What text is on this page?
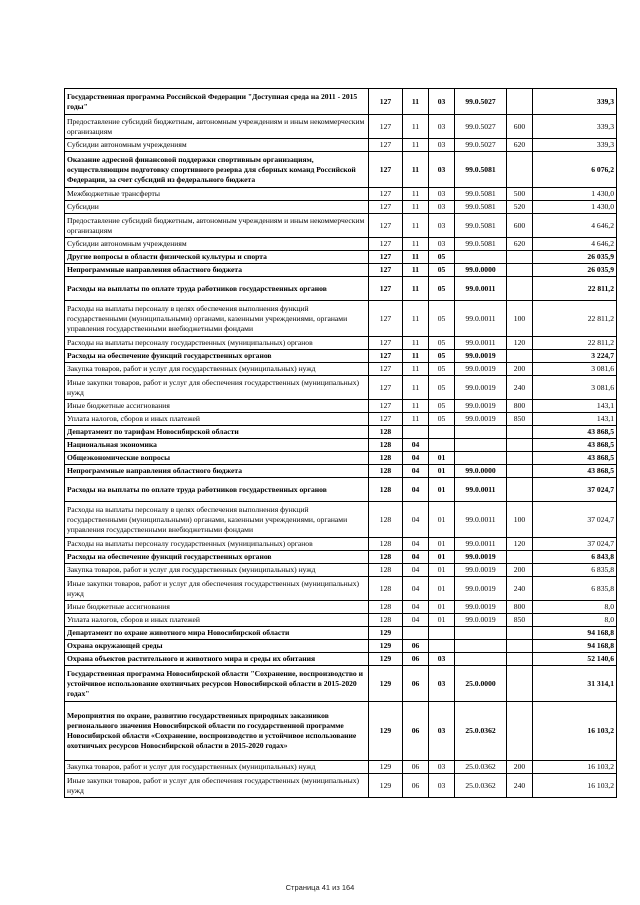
Государственная программа Российской Федерации "Доступная среда на 2011 - 2015 годы"	127	11	03	99.0.5027		339,3
Предоставление субсидий бюджетным, автономным учреждениям и иным некоммерческим организациям	127	11	03	99.0.5027	600	339,3
Субсидии автономным учреждениям	127	11	03	99.0.5027	620	339,3
Оказание адресной финансовой поддержки спортивным организациям, осуществляющим подготовку спортивного резерва для сборных команд Российской Федерации, за счет субсидий из федерального бюджета	127	11	03	99.0.5081		6 076,2
Межбюджетные трансферты	127	11	03	99.0.5081	500	1 430,0
Субсидии	127	11	03	99.0.5081	520	1 430,0
Предоставление субсидий бюджетным, автономным учреждениям и иным некоммерческим организациям	127	11	03	99.0.5081	600	4 646,2
Субсидии автономным учреждениям	127	11	03	99.0.5081	620	4 646,2
Другие вопросы в области физической культуры и спорта	127	11	05			26 035,9
Непрограммные направления областного бюджета	127	11	05	99.0.0000		26 035,9
Расходы на выплаты по оплате труда работников государственных органов	127	11	05	99.0.0011		22 811,2
Расходы на выплаты персоналу в целях обеспечения выполнения функций государственными (муниципальными) органами, казенными учреждениями, органами управления государственными внебюджетными фондами	127	11	05	99.0.0011	100	22 811,2
Расходы на выплаты персоналу государственных (муниципальных) органов	127	11	05	99.0.0011	120	22 811,2
Расходы на обеспечение функций государственных органов	127	11	05	99.0.0019		3 224,7
Закупка товаров, работ и услуг для государственных (муниципальных) нужд	127	11	05	99.0.0019	200	3 081,6
Иные закупки товаров, работ и услуг для обеспечения государственных (муниципальных) нужд	127	11	05	99.0.0019	240	3 081,6
Иные бюджетные ассигнования	127	11	05	99.0.0019	800	143,1
Уплата налогов, сборов и иных платежей	127	11	05	99.0.0019	850	143,1
Департамент по тарифам Новосибирской области	128					43 868,5
Национальная экономика	128	04				43 868,5
Общеэкономические вопросы	128	04	01			43 868,5
Непрограммные направления областного бюджета	128	04	01	99.0.0000		43 868,5
Расходы на выплаты по оплате труда работников государственных органов	128	04	01	99.0.0011		37 024,7
Расходы на выплаты персоналу в целях обеспечения выполнения функций государственными (муниципальными) органами, казенными учреждениями, органами управления государственными внебюджетными фондами	128	04	01	99.0.0011	100	37 024,7
Расходы на выплаты персоналу государственных (муниципальных) органов	128	04	01	99.0.0011	120	37 024,7
Расходы на обеспечение функций государственных органов	128	04	01	99.0.0019		6 843,8
Закупка товаров, работ и услуг для государственных (муниципальных) нужд	128	04	01	99.0.0019	200	6 835,8
Иные закупки товаров, работ и услуг для обеспечения государственных (муниципальных) нужд	128	04	01	99.0.0019	240	6 835,8
Иные бюджетные ассигнования	128	04	01	99.0.0019	800	8,0
Уплата налогов, сборов и иных платежей	128	04	01	99.0.0019	850	8,0
Департамент по охране животного мира Новосибирской области	129					94 168,8
Охрана окружающей среды	129	06				94 168,8
Охрана объектов растительного и животного мира и среды их обитания	129	06	03			52 140,6
Государственная программа Новосибирской области "Сохранение, воспроизводство и устойчивое использование охотничьих ресурсов Новосибирской области в 2015-2020 годах"	129	06	03	25.0.0000		31 314,1
Мероприятия по охране, развитию государственных природных заказников регионального значения Новосибирской области по государственной программе Новосибирской области «Сохранение, воспроизводство и устойчивое использование охотничьих ресурсов Новосибирской области в 2015-2020 годах»	129	06	03	25.0.0362		16 103,2
Закупка товаров, работ и услуг для государственных (муниципальных) нужд	129	06	03	25.0.0362	200	16 103,2
Иные закупки товаров, работ и услуг для обеспечения государственных (муниципальных) нужд	129	06	03	25.0.0362	240	16 103,2
Страница 41 из 164
